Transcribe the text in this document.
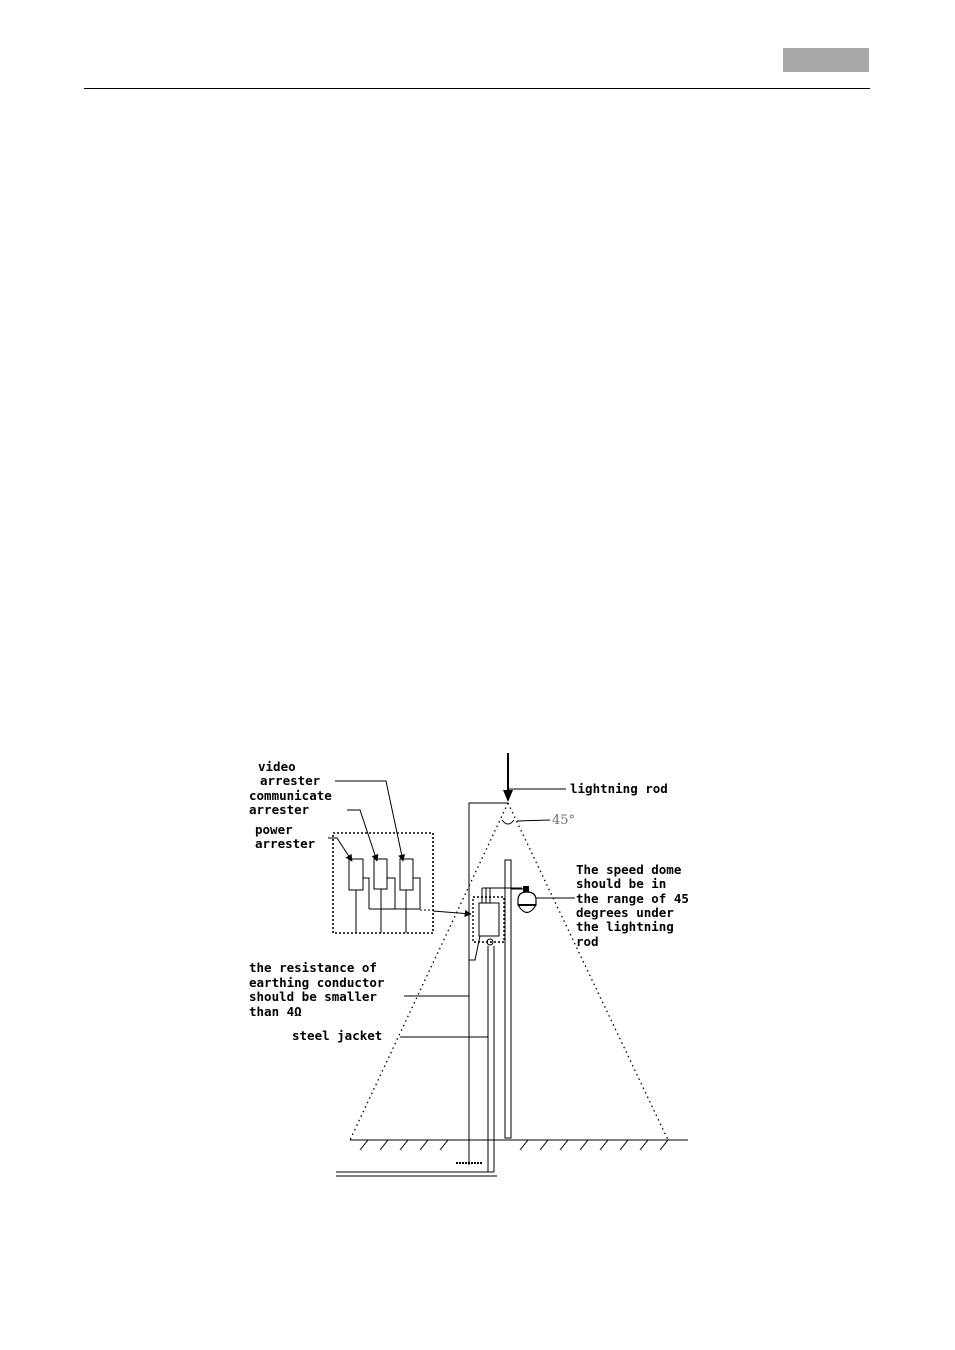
45°
video arrester
communicate arrester
power arrester
lightning rod
The speed dome should be in the range of 45 degrees under the lightning rod
the resistance of earthing conductor should be smaller than 4Ω
steel jacket
